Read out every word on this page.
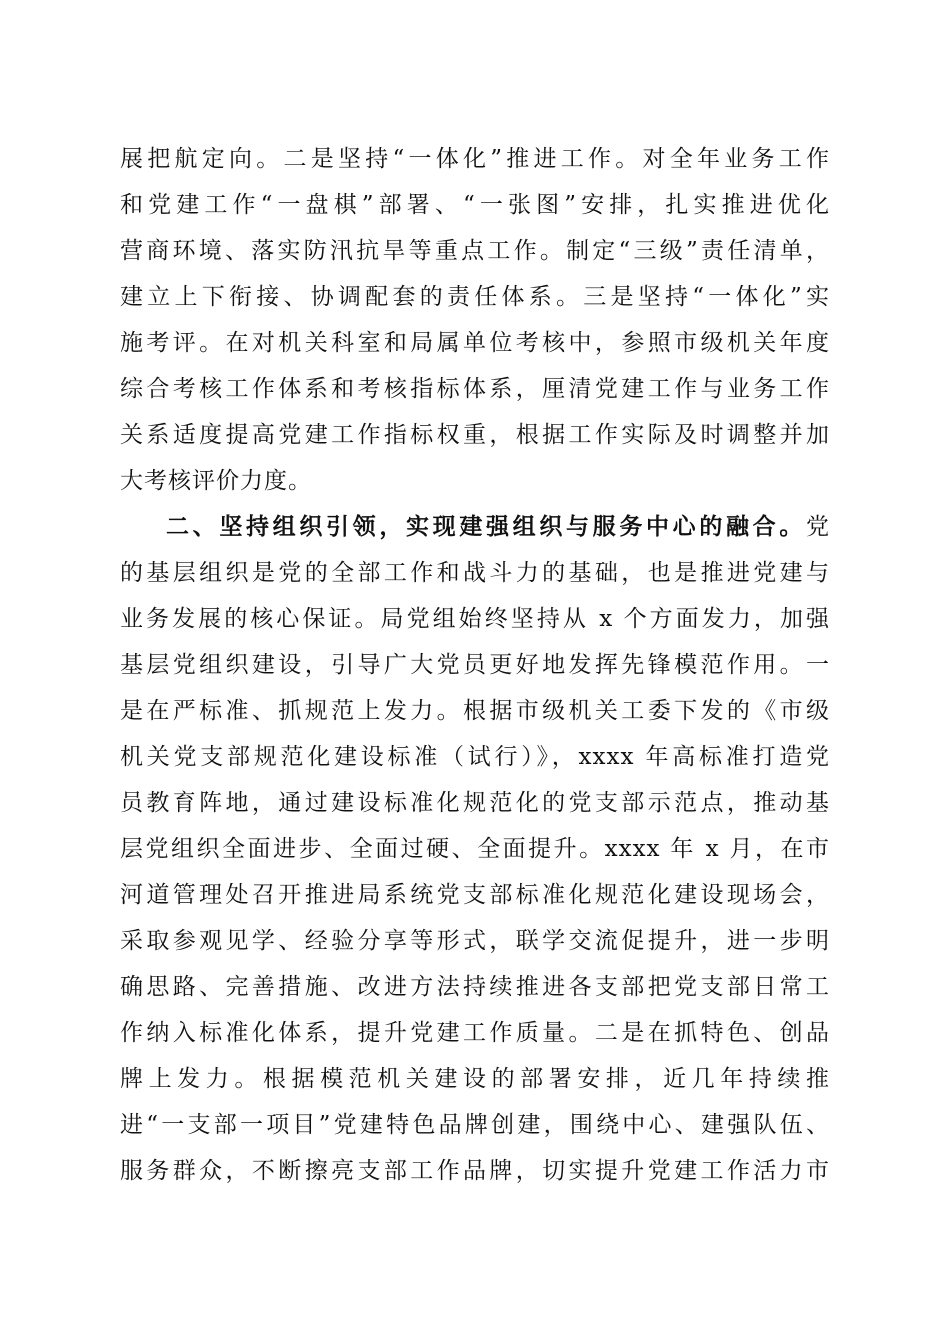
展把航定向。二是坚持“一体化”推进工作。对全年业务工作
和党建工作“一盘棋”部署、“一张图”安排，扎实推进优化
营商环境、落实防汛抗旱等重点工作。制定“三级”责任清单，
建立上下衔接、协调配套的责任体系。三是坚持“一体化”实
施考评。在对机关科室和局属单位考核中，参照市级机关年度
综合考核工作体系和考核指标体系，厘清党建工作与业务工作
关系适度提高党建工作指标权重，根据工作实际及时调整并加
大考核评价力度。
二、坚持组织引领，实现建强组织与服务中心的融合。党
的基层组织是党的全部工作和战斗力的基础，也是推进党建与
业务发展的核心保证。局党组始终坚持从 x 个方面发力，加强
基层党组织建设，引导广大党员更好地发挥先锋模范作用。一
是在严标准、抓规范上发力。根据市级机关工委下发的《市级
机关党支部规范化建设标准（试行）》，xxxx 年高标准打造党
员教育阵地，通过建设标准化规范化的党支部示范点，推动基
层党组织全面进步、全面过硬、全面提升。xxxx 年 x 月，在市
河道管理处召开推进局系统党支部标准化规范化建设现场会，
采取参观见学、经验分享等形式，联学交流促提升，进一步明
确思路、完善措施、改进方法持续推进各支部把党支部日常工
作纳入标准化体系，提升党建工作质量。二是在抓特色、创品
牌上发力。根据模范机关建设的部署安排，近几年持续推
进“一支部一项目”党建特色品牌创建，围绕中心、建强队伍、
服务群众，不断擦亮支部工作品牌，切实提升党建工作活力市
